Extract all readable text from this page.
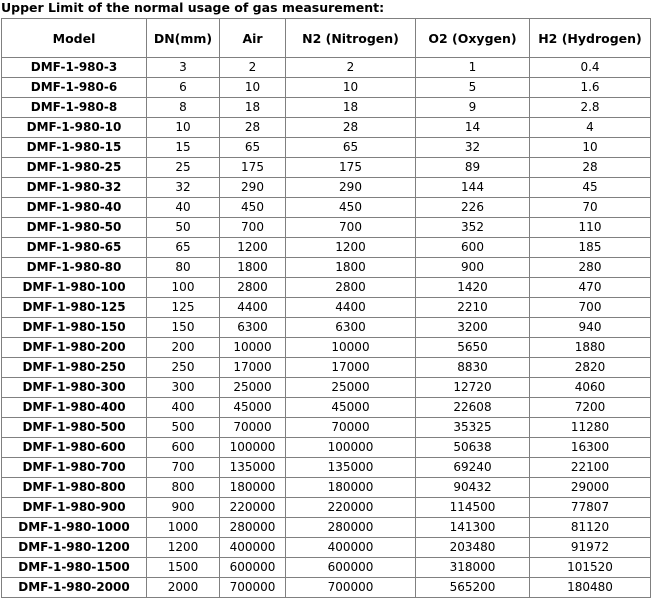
Upper Limit of the normal usage of gas measurement:
Model	DN(mm)	Air	N2 (Nitrogen)	O2 (Oxygen)	H2 (Hydrogen)
DMF-1-980-3	3	2	2	1	0.4
DMF-1-980-6	6	10	10	5	1.6
DMF-1-980-8	8	18	18	9	2.8
DMF-1-980-10	10	28	28	14	4
DMF-1-980-15	15	65	65	32	10
DMF-1-980-25	25	175	175	89	28
DMF-1-980-32	32	290	290	144	45
DMF-1-980-40	40	450	450	226	70
DMF-1-980-50	50	700	700	352	110
DMF-1-980-65	65	1200	1200	600	185
DMF-1-980-80	80	1800	1800	900	280
DMF-1-980-100	100	2800	2800	1420	470
DMF-1-980-125	125	4400	4400	2210	700
DMF-1-980-150	150	6300	6300	3200	940
DMF-1-980-200	200	10000	10000	5650	1880
DMF-1-980-250	250	17000	17000	8830	2820
DMF-1-980-300	300	25000	25000	12720	4060
DMF-1-980-400	400	45000	45000	22608	7200
DMF-1-980-500	500	70000	70000	35325	11280
DMF-1-980-600	600	100000	100000	50638	16300
DMF-1-980-700	700	135000	135000	69240	22100
DMF-1-980-800	800	180000	180000	90432	29000
DMF-1-980-900	900	220000	220000	114500	77807
DMF-1-980-1000	1000	280000	280000	141300	81120
DMF-1-980-1200	1200	400000	400000	203480	91972
DMF-1-980-1500	1500	600000	600000	318000	101520
DMF-1-980-2000	2000	700000	700000	565200	180480
